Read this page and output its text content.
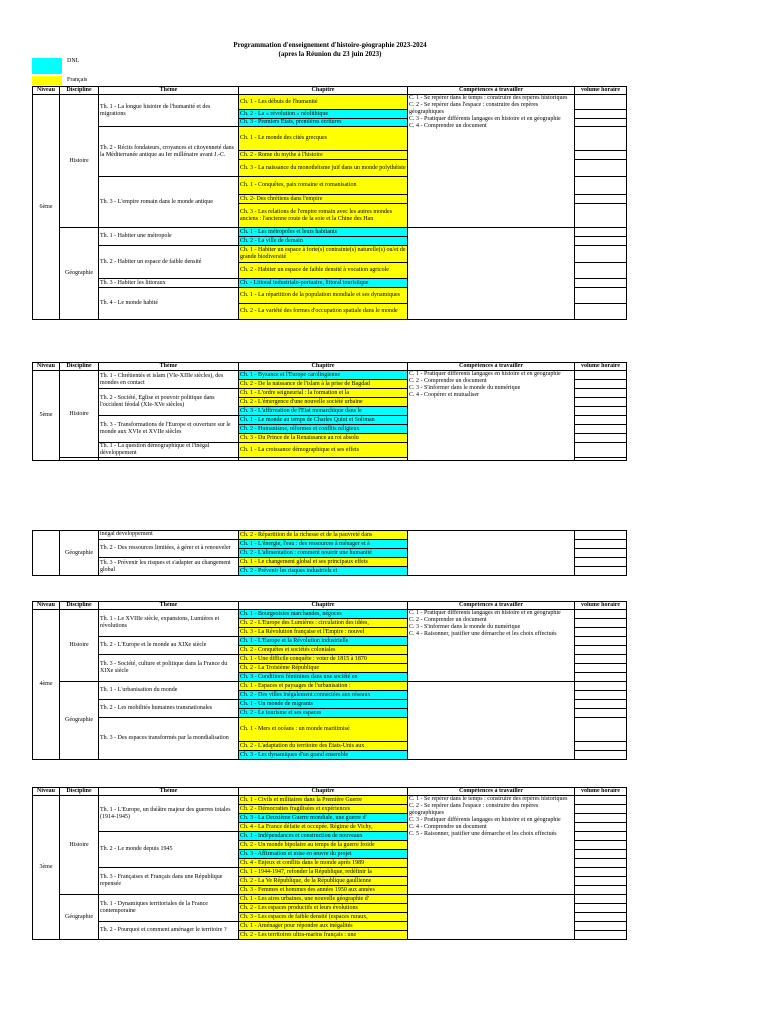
Programmation d'enseignement d'histoire-géographie 2023-2024
(apres la Réunion du 23 juin 2023)
DNL
Français
Niveau	Discipline	Thème	Chapitre	Compétences à travailler	volume horaire
6ème	Histoire	Th. 1 - La longue histoire de l'humanité et des migrations	Ch. 1 - Les débuts de l'humanité	C. 1 - Se repérer dans le temps : construire des repères historiques
C. 2 - Se repérer dans l'espace : construire des repères géographiques
C. 3 - Pratiquer différents langages en histoire et en géographie
C. 4 - Comprendre un document	
			Ch. 2 - La « révolution » néolithique		
			Ch. 3 - Premiers États, premières écritures		
		Th. 2 - Récits fondateurs, croyances et citoyenneté dans la Méditerranée antique au Ier millénaire avant J.-C.	Ch. 1 - Le monde des cités grecques		
			Ch. 2 - Rome du mythe à l'histoire		
			Ch. 3 - La naissance du monothéisme juif dans un monde polythéiste		
		Th. 3 - L'empire romain dans le monde antique	Ch. 1 - Conquêtes, paix romaine et romanisation		
			Ch. 2- Des chrétiens dans l'empire		
			Ch. 3 - Les relations de l'empire romain avec les autres mondes anciens : l'ancienne route de la soie et la Chine des Han		
	Géographie	Th. 1 - Habiter une métropole	Ch. 1 - Les métropoles et leurs habitants		
			Ch. 2 - La ville de demain		
		Th. 2 - Habiter un espace de faible densité	Ch. 1 - Habiter un espace à forte(s) contrainte(s) naturelle(s) ou/et de grande biodiversité		
			Ch. 2 - Habiter un espace de faible densité à vocation agricole		
		Th. 3 - Habiter les littoraux	Ch. - Littoral industrialo-portuaire, littoral touristique		
		Th. 4 - Le monde habité	Ch. 1 - La répartition de la population mondiale et ses dynamiques		
			Ch. 2 - La variété des formes d'occupation spatiale dans le monde		
Niveau	Discipline	Thème	Chapitre	Compétences à travailler	volume horaire
5ème	Histoire	Th. 1 - Chrétientés et islam (VIe-XIIIe siècles), des mondes en contact	Ch. 1 - Byzance et l'Europe carolingienne	C. 1 - Pratiquer différents langages en histoire et en géographie
C. 2 - Comprendre un document
C. 3 - S'informer dans le monde du numérique
C. 4 - Coopérer et mutualiser	
			Ch. 2 - De la naissance de l'islam à la prise de Bagdad		
		Th. 2 - Société, Eglise et pouvoir politique dans l'occident féodal (XIe-XVe siècles)	Ch. 1 - L'ordre seigneurial : la formation et la		
			Ch. 2 - L'émergence d'une nouvelle société urbaine		
			Ch. 3 - L'affirmation de l'Etat monarchique dans le		
		Th. 3 - Transformations de l'Europe et ouverture sur le monde aux XVIe et XVIIe siècles	Ch. 1 - Le monde au temps de Charles Quint et Soliman		
			Ch. 2 - Humanisme, réformes et conflits religieux		
			Ch. 3 - Du Prince de la Renaissance au roi absolu		
		Th. 1 - La question démographique et l'inégal développement	Ch. 1 - La croissance démographique et ses effets		

	Géographie	inégal développement	Ch. 2 - Répartition de la richesse et de la pauvreté dans		
		Th. 2 - Des ressources limitées, à gérer et à renouveler	Ch. 1 - L'énergie, l'eau : des ressources à ménager et à		
			Ch. 2 - L'alimentation : comment nourrir une humanité		
		Th. 3 - Prévenir les risques et s'adapter au changement global	Ch. 1 - Le changement global et ses principaux effets		
			Ch. 2 - Prévenir les risques industriels et		
Niveau	Discipline	Thème	Chapitre	Compétences à travailler	volume horaire
4ème	Histoire	Th. 1 - Le XVIIIe siècle, expansions, Lumières et révolutions	Ch. 1 - Bourgeoisies marchandes, négoces	C. 1 - Pratiquer différents langages en histoire et en géographie
C. 2 - Comprendre un document
C. 3 - S'informer dans le monde du numérique
C. 4 - Raisonner, justifier une démarche et les choix effectués	
			Ch. 2 - L'Europe des Lumières : circulation des idées,		
			Ch. 3 - La Révolution française et l'Empire : nouvel		
		Th. 2 - L'Europe et le monde au XIXe siècle	Ch. 1 - L'Europe et la Révolution industrielle		
			Ch. 2 - Conquêtes et sociétés coloniales		
		Th. 3 - Société, culture et politique dans la France du XIXe siècle	Ch. 1 - Une difficile conquête : voter de 1815 à 1870		
			Ch. 2 - La Troisième République		
			Ch. 3 - Conditions féminines dans une société en		
	Géographie	Th. 1 - L'urbanisation du monde	Ch. 1 - Espaces et paysages de l'urbanisation :		
			Ch. 2 - Des villes inégalement connectées aux réseaux		
		Th. 2 - Les mobilités humaines transnationales	Ch. 1 - Un monde de migrants		
			Ch. 2 - Le tourisme et ses espaces		
		Th. 3 - Des espaces transformés par la mondialisation	Ch. 1 - Mers et océans : un monde maritimisé		
			Ch. 2 - L'adaptation du territoire des États-Unis aux		
			Ch. 3 - Les dynamiques d'un grand ensemble		
Niveau	Discipline	Thème	Chapitre	Compétences à travailler	volume horaire
3ème	Histoire	Th. 1 - L'Europe, un théâtre majeur des guerres totales (1914-1945)	Ch. 1 - Civils et militaires dans la Première Guerre	C. 1 - Se repérer dans le temps : construire des repères historiques
C. 2 - Se repérer dans l'espace : construire des repères géographiques
C. 3 - Pratiquer différents langages en histoire et en géographie
C. 4 - Comprendre un document
C. 5 - Raisonner, justifier une démarche et les choix effectués	
			Ch. 2 - Démocraties fragilisées et expériences		
			Ch. 3 - La Deuxième Guerre mondiale, une guerre d'		
			Ch. 4 - La France défaite et occupée. Régime de Vichy,		
		Th. 2 - Le monde depuis 1945	Ch. 1 - Indépendances et construction de nouveaux		
			Ch. 2 - Un monde bipolaire au temps de la guerre froide		
			Ch. 3 - Affirmation et mise en œuvre du projet		
			Ch. 4 - Enjeux et conflits dans le monde après 1989		
		Th. 3 - Françaises et Français dans une République repensée	Ch. 1 - 1944-1947, refonder la République, redéfinir la		
			Ch. 2 - La Ve République, de la République gaullienne		
			Ch. 3 - Femmes et hommes des années 1950 aux années		
	Géographie	Th. 1 - Dynamiques territoriales de la France contemporaine	Ch. 1 - Les aires urbaines, une nouvelle géographie d'		
			Ch. 2 - Les espaces productifs et leurs évolutions		
			Ch. 3 - Les espaces de faible densité (espaces ruraux,		
		Th. 2 - Pourquoi et comment aménager le territoire ?	Ch. 1 - Aménager pour répondre aux inégalités		
			Ch. 2 - Les territoires ultra-marins français : une		
